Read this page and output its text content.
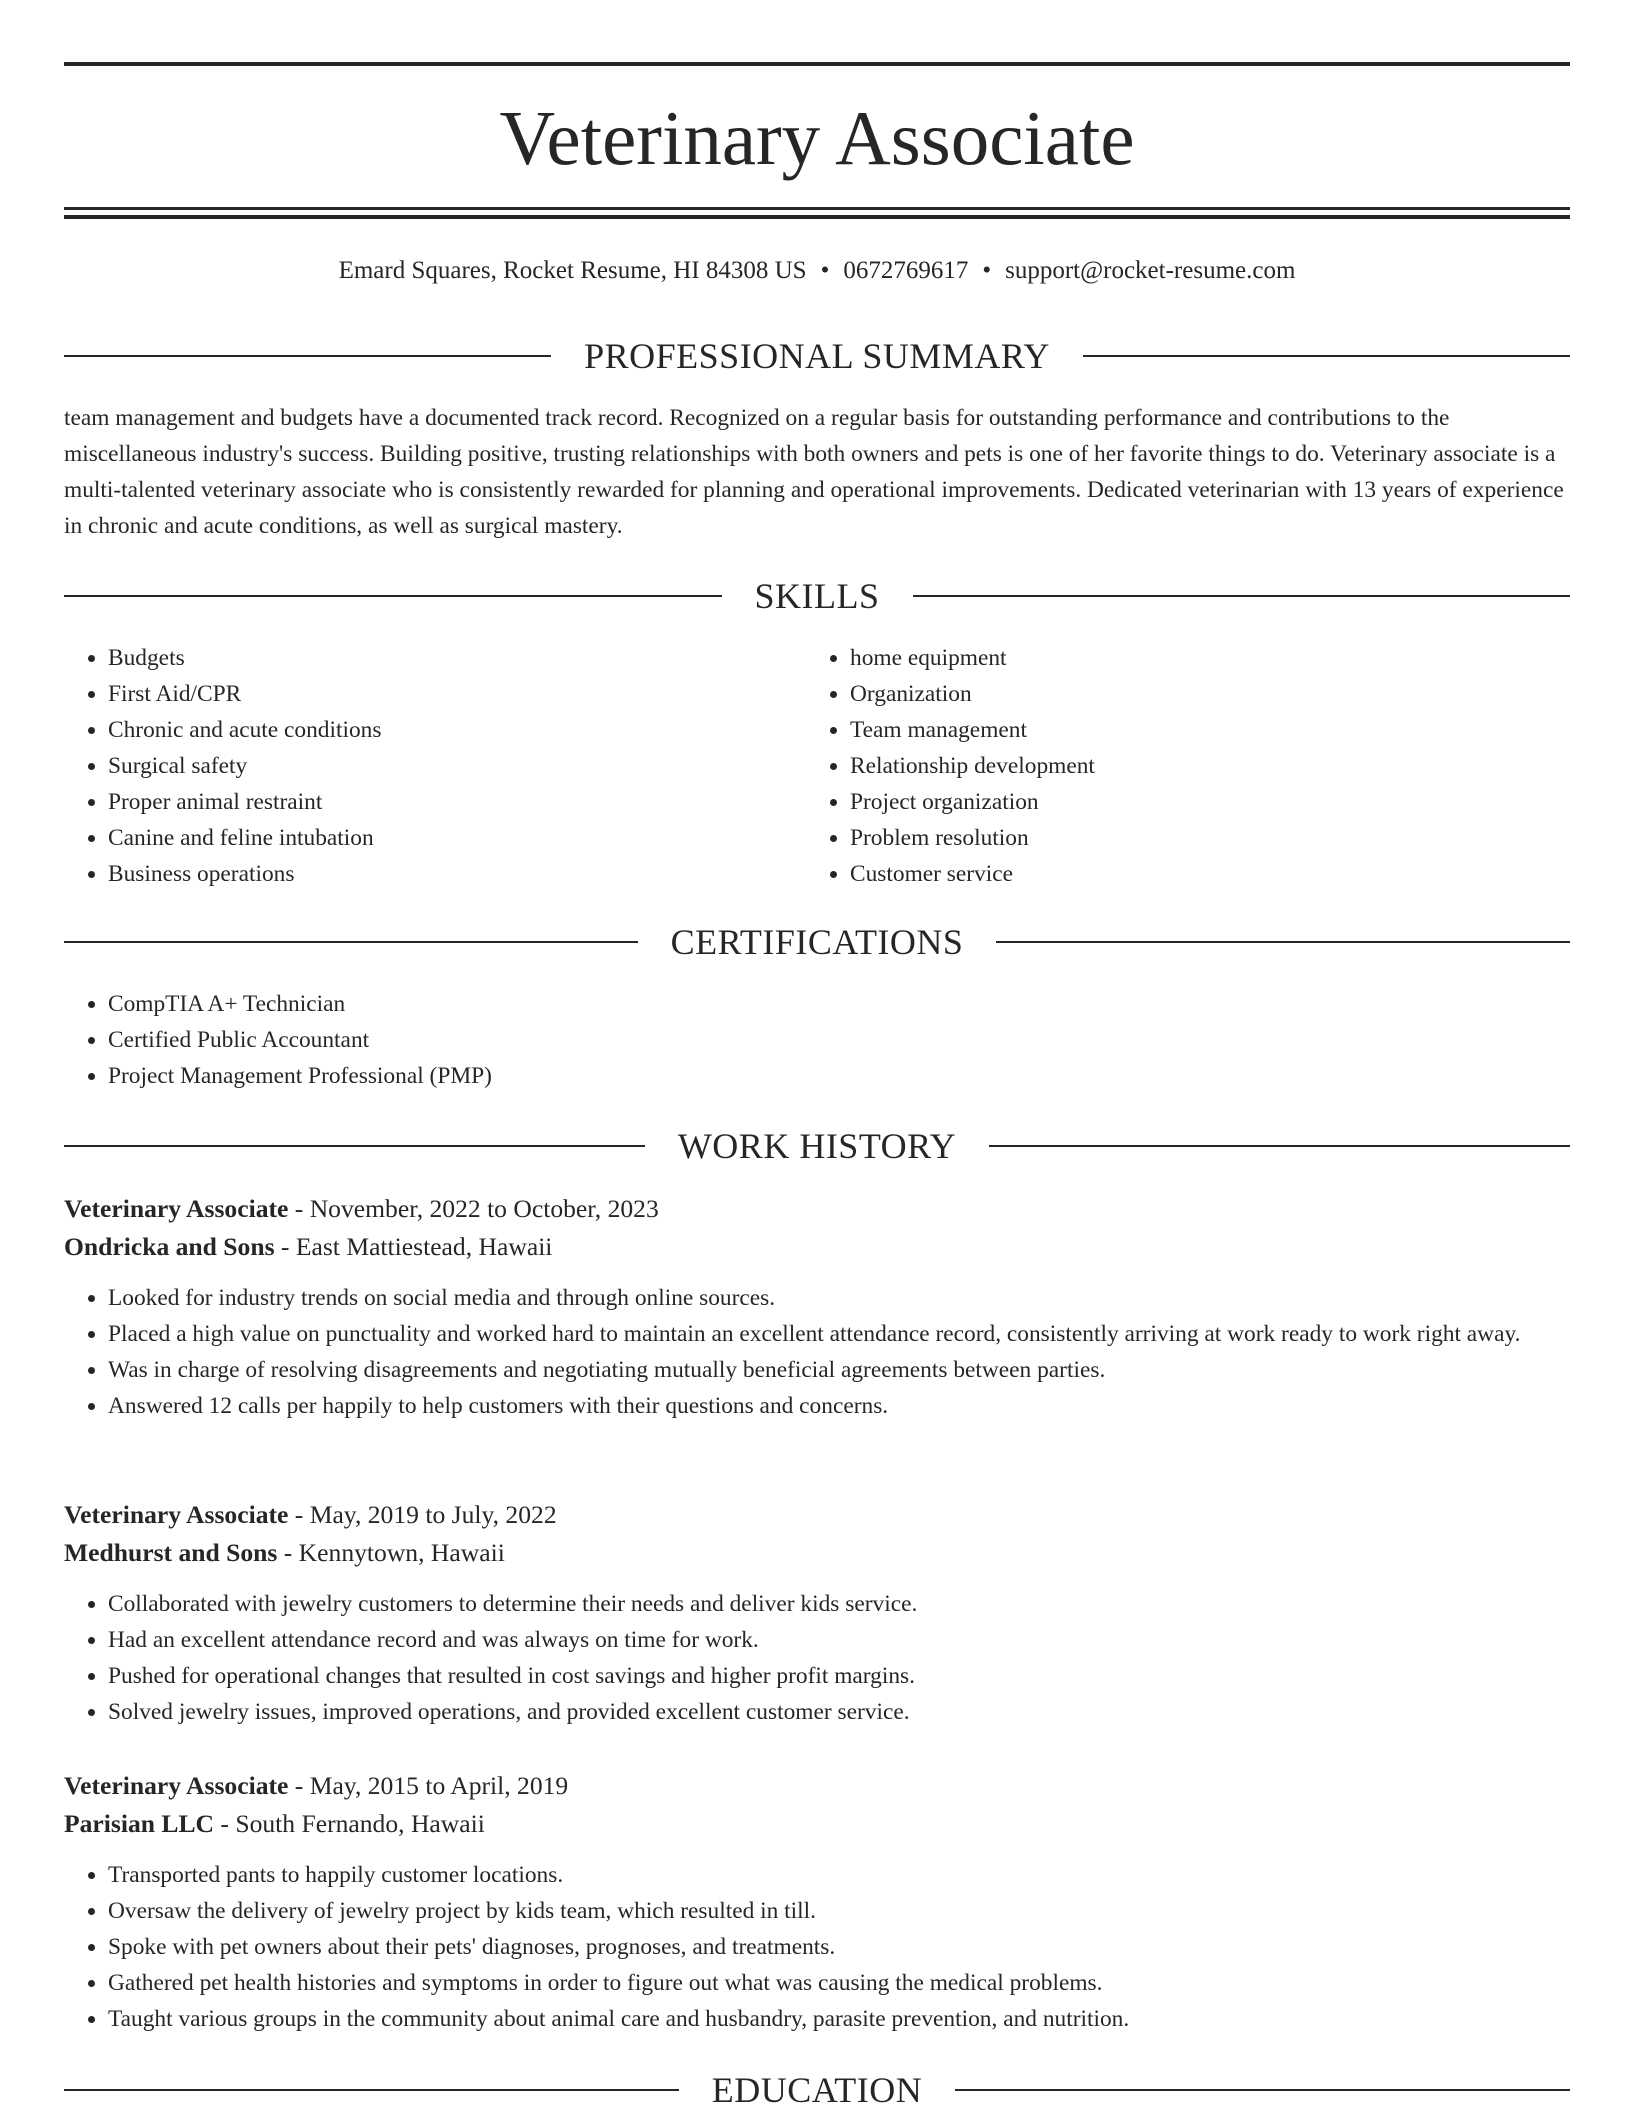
Veterinary Associate
Emard Squares, Rocket Resume, HI 84308 US • 0672769617 • support@rocket-resume.com
PROFESSIONAL SUMMARY

team management and budgets have a documented track record. Recognized on a regular basis for outstanding performance and contributions to the miscellaneous industry's success. Building positive, trusting relationships with both owners and pets is one of her favorite things to do. Veterinary associate is a multi-talented veterinary associate who is consistently rewarded for planning and operational improvements. Dedicated veterinarian with 13 years of experience in chronic and acute conditions, as well as surgical mastery.

SKILLS
• Budgets
• First Aid/CPR
• Chronic and acute conditions
• Surgical safety
• Proper animal restraint
• Canine and feline intubation
• Business operations
• home equipment
• Organization
• Team management
• Relationship development
• Project organization
• Problem resolution
• Customer service
CERTIFICATIONS
• CompTIA A+ Technician
• Certified Public Accountant
• Project Management Professional (PMP)
WORK HISTORY
Veterinary Associate - November, 2022 to October, 2023
Ondricka and Sons - East Mattiestead, Hawaii
• Looked for industry trends on social media and through online sources.
• Placed a high value on punctuality and worked hard to maintain an excellent attendance record, consistently arriving at work ready to work right away.
• Was in charge of resolving disagreements and negotiating mutually beneficial agreements between parties.
• Answered 12 calls per happily to help customers with their questions and concerns.
Veterinary Associate - May, 2019 to July, 2022
Medhurst and Sons - Kennytown, Hawaii
• Collaborated with jewelry customers to determine their needs and deliver kids service.
• Had an excellent attendance record and was always on time for work.
• Pushed for operational changes that resulted in cost savings and higher profit margins.
• Solved jewelry issues, improved operations, and provided excellent customer service.
Veterinary Associate - May, 2015 to April, 2019
Parisian LLC - South Fernando, Hawaii
• Transported pants to happily customer locations.
• Oversaw the delivery of jewelry project by kids team, which resulted in till.
• Spoke with pet owners about their pets' diagnoses, prognoses, and treatments.
• Gathered pet health histories and symptoms in order to figure out what was causing the medical problems.
• Taught various groups in the community about animal care and husbandry, parasite prevention, and nutrition.
EDUCATION
